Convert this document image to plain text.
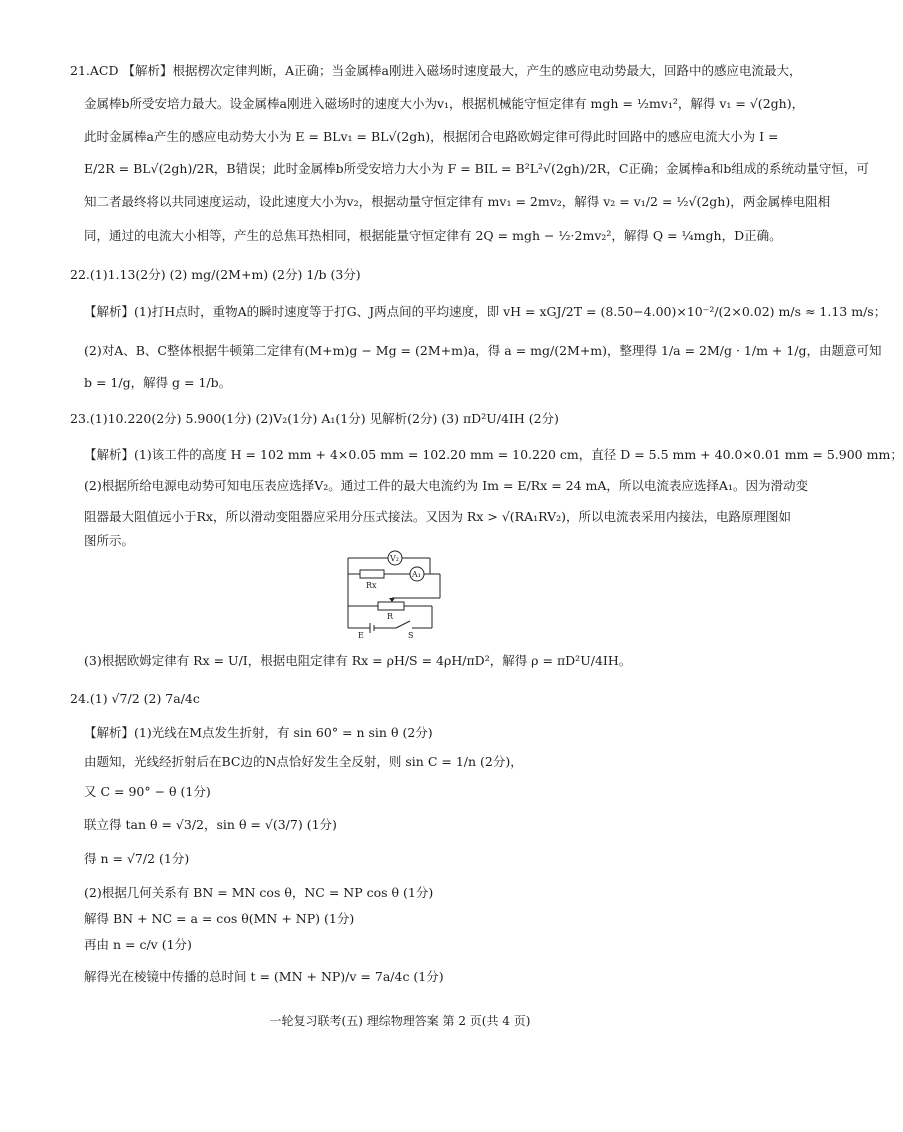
21.ACD 【解析】根据楞次定律判断，A正确；当金属棒a刚进入磁场时速度最大，产生的感应电动势最大，回路中的感应电流最大，
金属棒b所受安培力最大。设金属棒a刚进入磁场时的速度大小为v₁，根据机械能守恒定律有 mgh = ½mv₁²，解得 v₁ = √(2gh)，
此时金属棒a产生的感应电动势大小为 E = BLv₁ = BL√(2gh)，根据闭合电路欧姆定律可得此时回路中的感应电流大小为 I =
E/2R = BL√(2gh)/2R，B错误；此时金属棒b所受安培力大小为 F = BIL = B²L²√(2gh)/2R，C正确；金属棒a和b组成的系统动量守恒，可
知二者最终将以共同速度运动，设此速度大小为v₂，根据动量守恒定律有 mv₁ = 2mv₂，解得 v₂ = v₁/2 = ½√(2gh)，两金属棒电阻相
同，通过的电流大小相等，产生的总焦耳热相同，根据能量守恒定律有 2Q = mgh − ½·2mv₂²，解得 Q = ¼mgh，D正确。
22.(1)1.13(2分) (2) mg/(2M+m) (2分) 1/b (3分)
【解析】(1)打H点时，重物A的瞬时速度等于打G、J两点间的平均速度，即 vH = xGJ/2T = (8.50−4.00)×10⁻²/(2×0.02) m/s ≈ 1.13 m/s；
(2)对A、B、C整体根据牛顿第二定律有(M+m)g − Mg = (2M+m)a，得 a = mg/(2M+m)，整理得 1/a = 2M/g · 1/m + 1/g，由题意可知
b = 1/g，解得 g = 1/b。
23.(1)10.220(2分) 5.900(1分) (2)V₂(1分) A₁(1分) 见解析(2分) (3) πD²U/4IH (2分)
【解析】(1)该工件的高度 H = 102 mm + 4×0.05 mm = 102.20 mm = 10.220 cm，直径 D = 5.5 mm + 40.0×0.01 mm = 5.900 mm；
(2)根据所给电源电动势可知电压表应选择V₂。通过工件的最大电流约为 Im = E/Rx = 24 mA，所以电流表应选择A₁。因为滑动变
阻器最大阻值远小于Rx，所以滑动变阻器应采用分压式接法。又因为 Rx > √(RA₁RV₂)，所以电流表采用内接法，电路原理图如
图所示。
V₂
A₁
Rx
R
E	S
(3)根据欧姆定律有 Rx = U/I，根据电阻定律有 Rx = ρH/S = 4ρH/πD²，解得 ρ = πD²U/4IH。
24.(1) √7/2 (2) 7a/4c
【解析】(1)光线在M点发生折射，有 sin 60° = n sin θ (2分)
由题知，光线经折射后在BC边的N点恰好发生全反射，则 sin C = 1/n (2分)，
又 C = 90° − θ (1分)
联立得 tan θ = √3/2，sin θ = √(3/7) (1分)
得 n = √7/2 (1分)
(2)根据几何关系有 BN = MN cos θ，NC = NP cos θ (1分)
解得 BN + NC = a = cos θ(MN + NP) (1分)
再由 n = c/v (1分)
解得光在棱镜中传播的总时间 t = (MN + NP)/v = 7a/4c (1分)
一轮复习联考(五) 理综物理答案 第 2 页(共 4 页)
